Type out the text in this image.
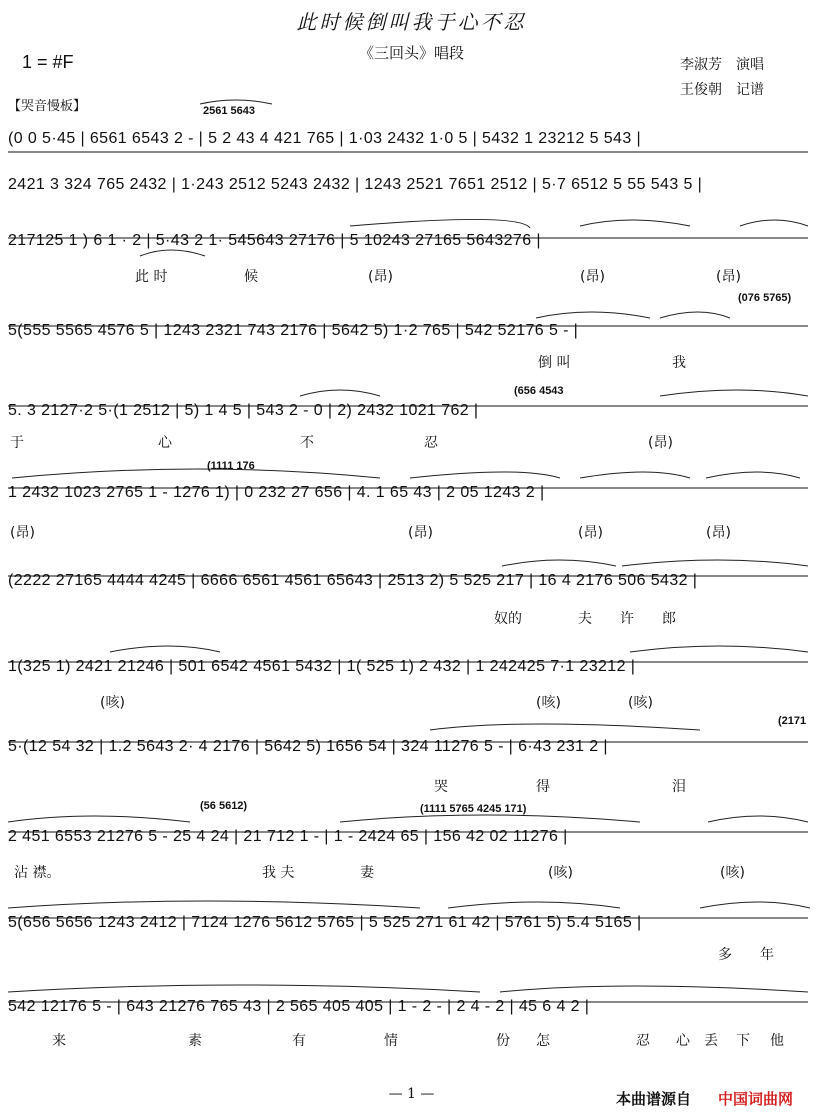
此时候倒叫我于心不忍
《三回头》唱段
1 = #F	李淑芳　演唱
王俊朝　记谱
【哭音慢板】
(0 0 5·45 | 6561 6543 2 - | 5 2 43 4 421 765 | 1·03 2432 1·0 5 | 5432 1 23212 5 543 |
2561 5643
2421 3 324 765 2432 | 1·243 2512 5243 2432 | 1243 2521 7651 2512 | 5·7 6512 5 55 543 5 |
217125 1 ) 6 1 · 2 | 5·43 2 1· 545643 27176 | 5 10243 27165 5643276 |
此 时	候	(昂)	(昂)	(昂)
5(555 5565 4576 5 | 1243 2321 743 2176 | 5642 5) 1·2 765 | 542 52176 5 - |
(076 5765)
倒 叫	我
5. 3 2127·2 5·(1 2512 | 5) 1 4 5 | 543 2 - 0 | 2) 2432 1021 762 |
(656 4543
于	心	不	忍	(昂)
1 2432 1023 2765 1 - 1276 1) | 0 232 27 656 | 4. 1 65 43 | 2 05 1243 2 |
(1111 176
(昂)	(昂)	(昂)	(昂)
(2222 27165 4444 4245 | 6666 6561 4561 65643 | 2513 2) 5 525 217 | 16 4 2176 506 5432 |
奴的	夫 许 郎
1(325 1) 2421 21246 | 501 6542 4561 5432 | 1( 525 1) 2 432 | 1 242425 7·1 23212 |
(咳)	(咳)	(咳)
5·(12 54 32 | 1.2 5643 2· 4 2176 | 5642 5) 1656 54 | 324 11276 5 - | 6·43 231 2 |
(2171
哭	得	泪
2 451 6553 21276 5 - 25 4 24 | 21 712 1 - | 1 - 2424 65 | 156 42 02 11276 |
(56 5612)	(1111 5765 4245 171)
沾 襟。	我 夫	妻	(咳)	(咳)
5(656 5656 1243 2412 | 7124 1276 5612 5765 | 5 525 271 61 42 | 5761 5) 5.4 5165 |
多 年
542 12176 5 - | 643 21276 765 43 | 2 565 405 405 | 1 - 2 - | 2 4 - 2 | 45 6 4 2 |
来	素	有	情	份 怎	忍 心 丢 下 他
— 1 —	本曲谱源自 中国词曲网
